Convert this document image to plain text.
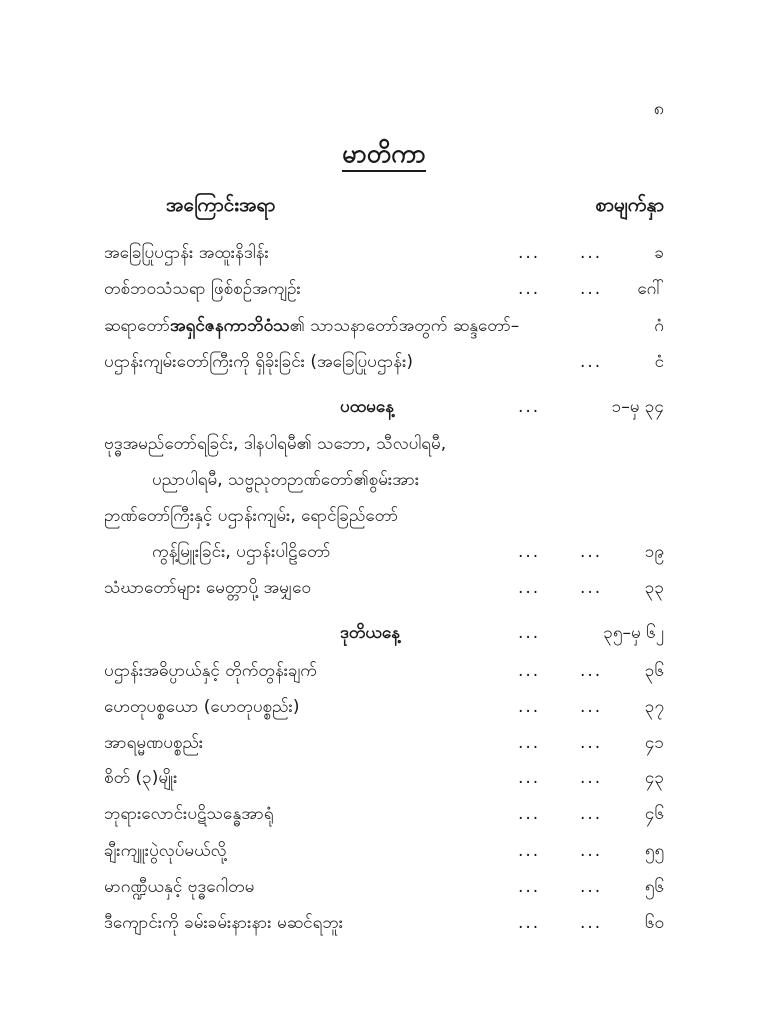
၈
မာတိကာ
အကြောင်းအရာ	စာမျက်နှာ
အခြေပြုပဌာန်း အထူးနိဒါန်း	... ...	ခ
တစ်ဘဝသံသရာ ဖြစ်စဉ်အကျဉ်း	... ... ဂေါ်
ဆရာတော်အရှင်ဇနကာဘိဝံသ၏ သာသနာတော်အတွက် ဆန္ဒတော်–	ဂံ
ပဌာန်းကျမ်းတော်ကြီးကို ရှိခိုးခြင်း (အခြေပြုပဌာန်း)	...	ငံ
ပထမနေ့	...	၁–မှ ၃၄
ဗုဒ္ဓအမည်တော်ရခြင်း, ဒါနပါရမီ၏ သဘော, သီလပါရမီ,
ပညာပါရမီ, သဗ္ဗညုတဉာဏ်တော်၏စွမ်းအား
ဉာဏ်တော်ကြီးနှင့် ပဌာန်းကျမ်း, ရောင်ခြည်တော်
ကွန့်မြူးခြင်း, ပဌာန်းပါဠိတော်	... ...	၁၉
သံဃာတော်များ မေတ္တာပို့ အမျှဝေ	... ...	၃၃
ဒုတိယနေ့	...	၃၅–မှ ၆၂
ပဌာန်းအဓိပ္ပာယ်နှင့် တိုက်တွန်းချက်	... ...	၃၆
ဟေတုပစ္စယော (ဟေတုပစ္စည်း)	... ...	၃၇
အာရမ္မဏပစ္စည်း	... ...	၄၁
စိတ် (၃)မျိုး	... ...	၄၃
ဘုရားလောင်းပဋိသန္ဓေအာရုံ	... ...	၄၆
ချီးကျူးပွဲလုပ်မယ်လို့	... ...	၅၅
မာဂဏ္ဍီယနှင့် ဗုဒ္ဓဂေါတမ	... ...	၅၆
ဒီကျောင်းကို ခမ်းခမ်းနားနား မဆင်ရဘူး	... ...	၆၀
